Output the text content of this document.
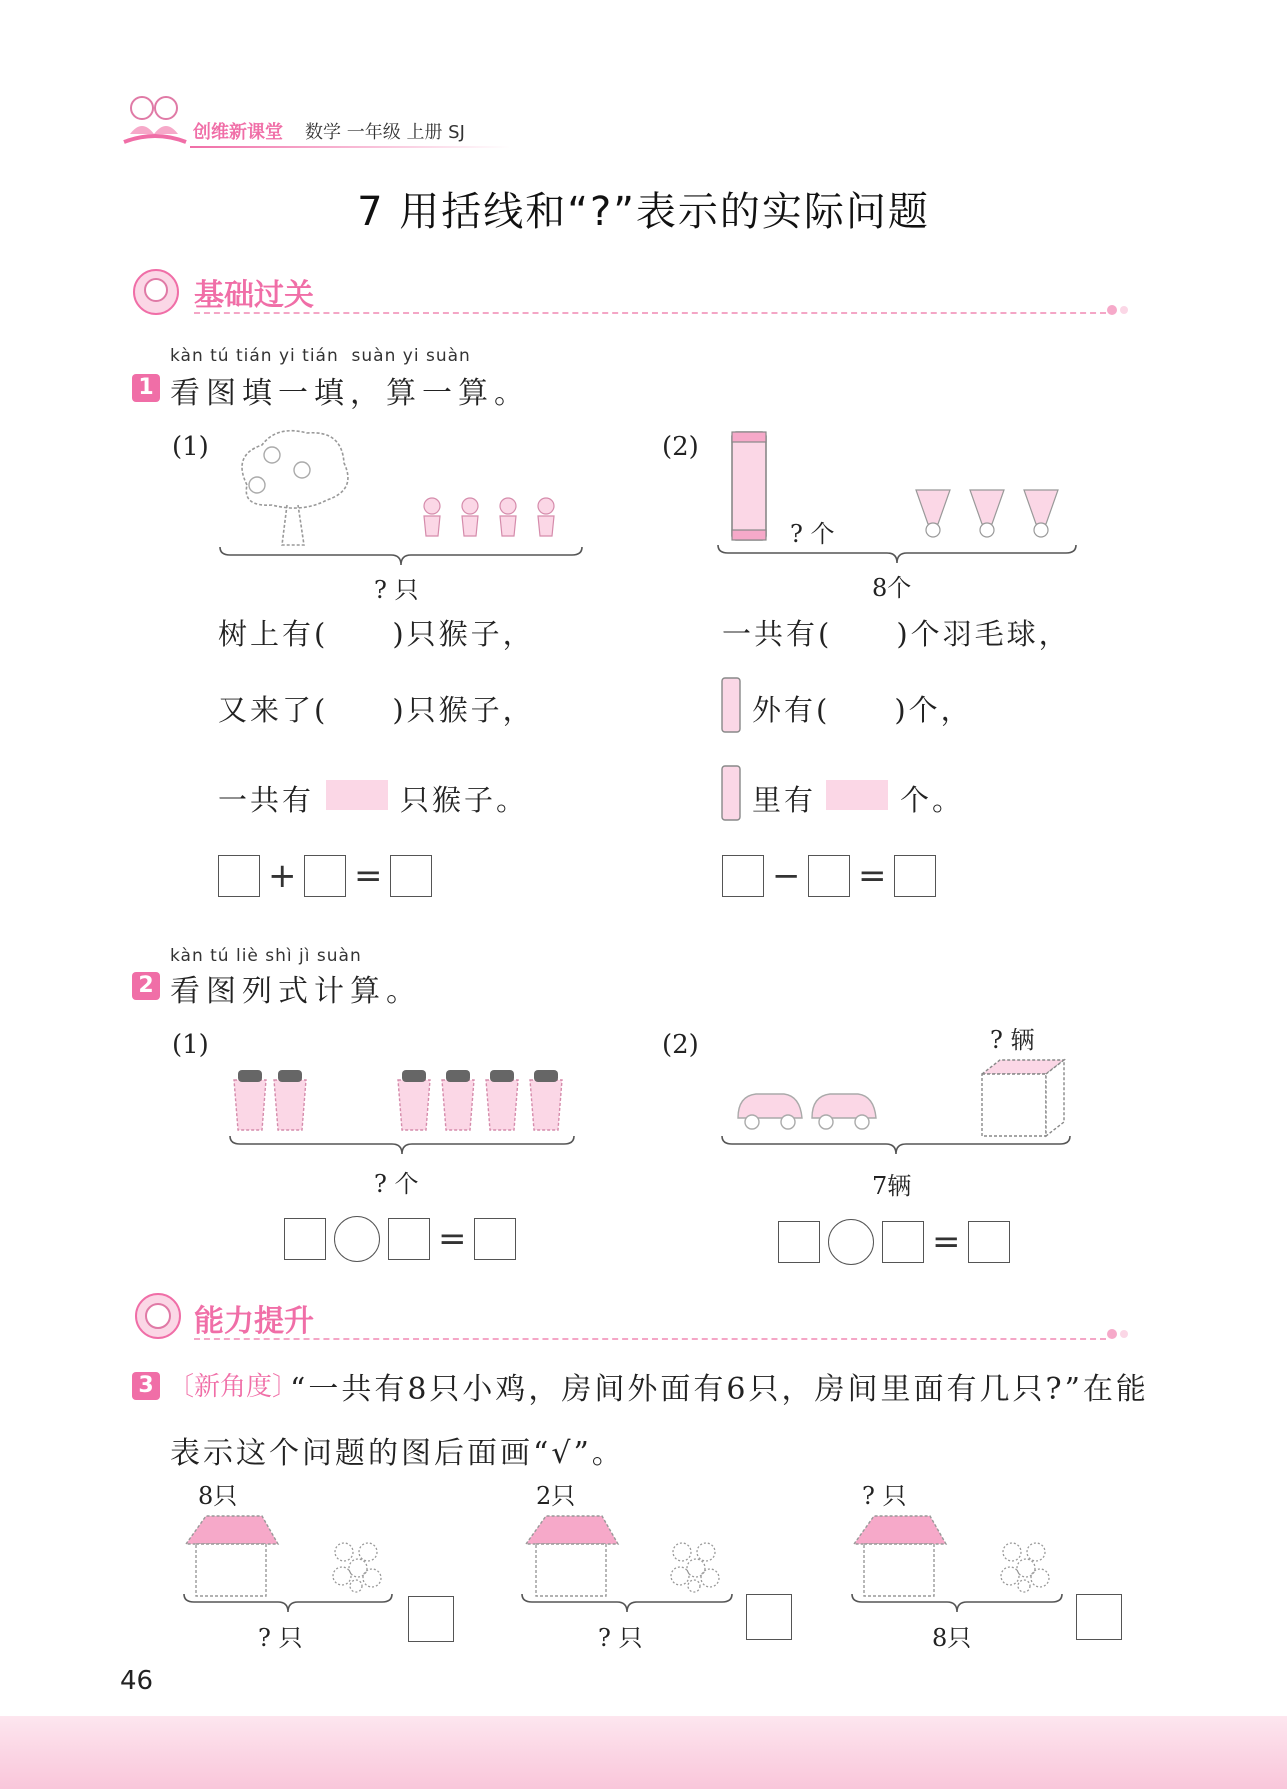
创维新课堂 数学 一年级 上册 SJ
7 用括线和“?”表示的实际问题
基础过关
kàn tú tián yi tián  suàn yi suàn
1 看图填一填，算一算。
(1)
? 只
树上有(　　)只猴子，
又来了(　　)只猴子，
一共有	只猴子。
+ =
(2)
? 个
8个
一共有(　　)个羽毛球，
外有(　　)个，
里有	个。
− =
kàn tú liè shì jì suàn
2 看图列式计算。
(1)
? 个
=
(2)	? 辆
7辆
=
能力提升
3 〔新角度〕
“一共有8只小鸡，房间外面有6只，房间里面有几只?”在能
表示这个问题的图后面画“√”。
8只
? 只
2只
? 只
? 只
8只
46
